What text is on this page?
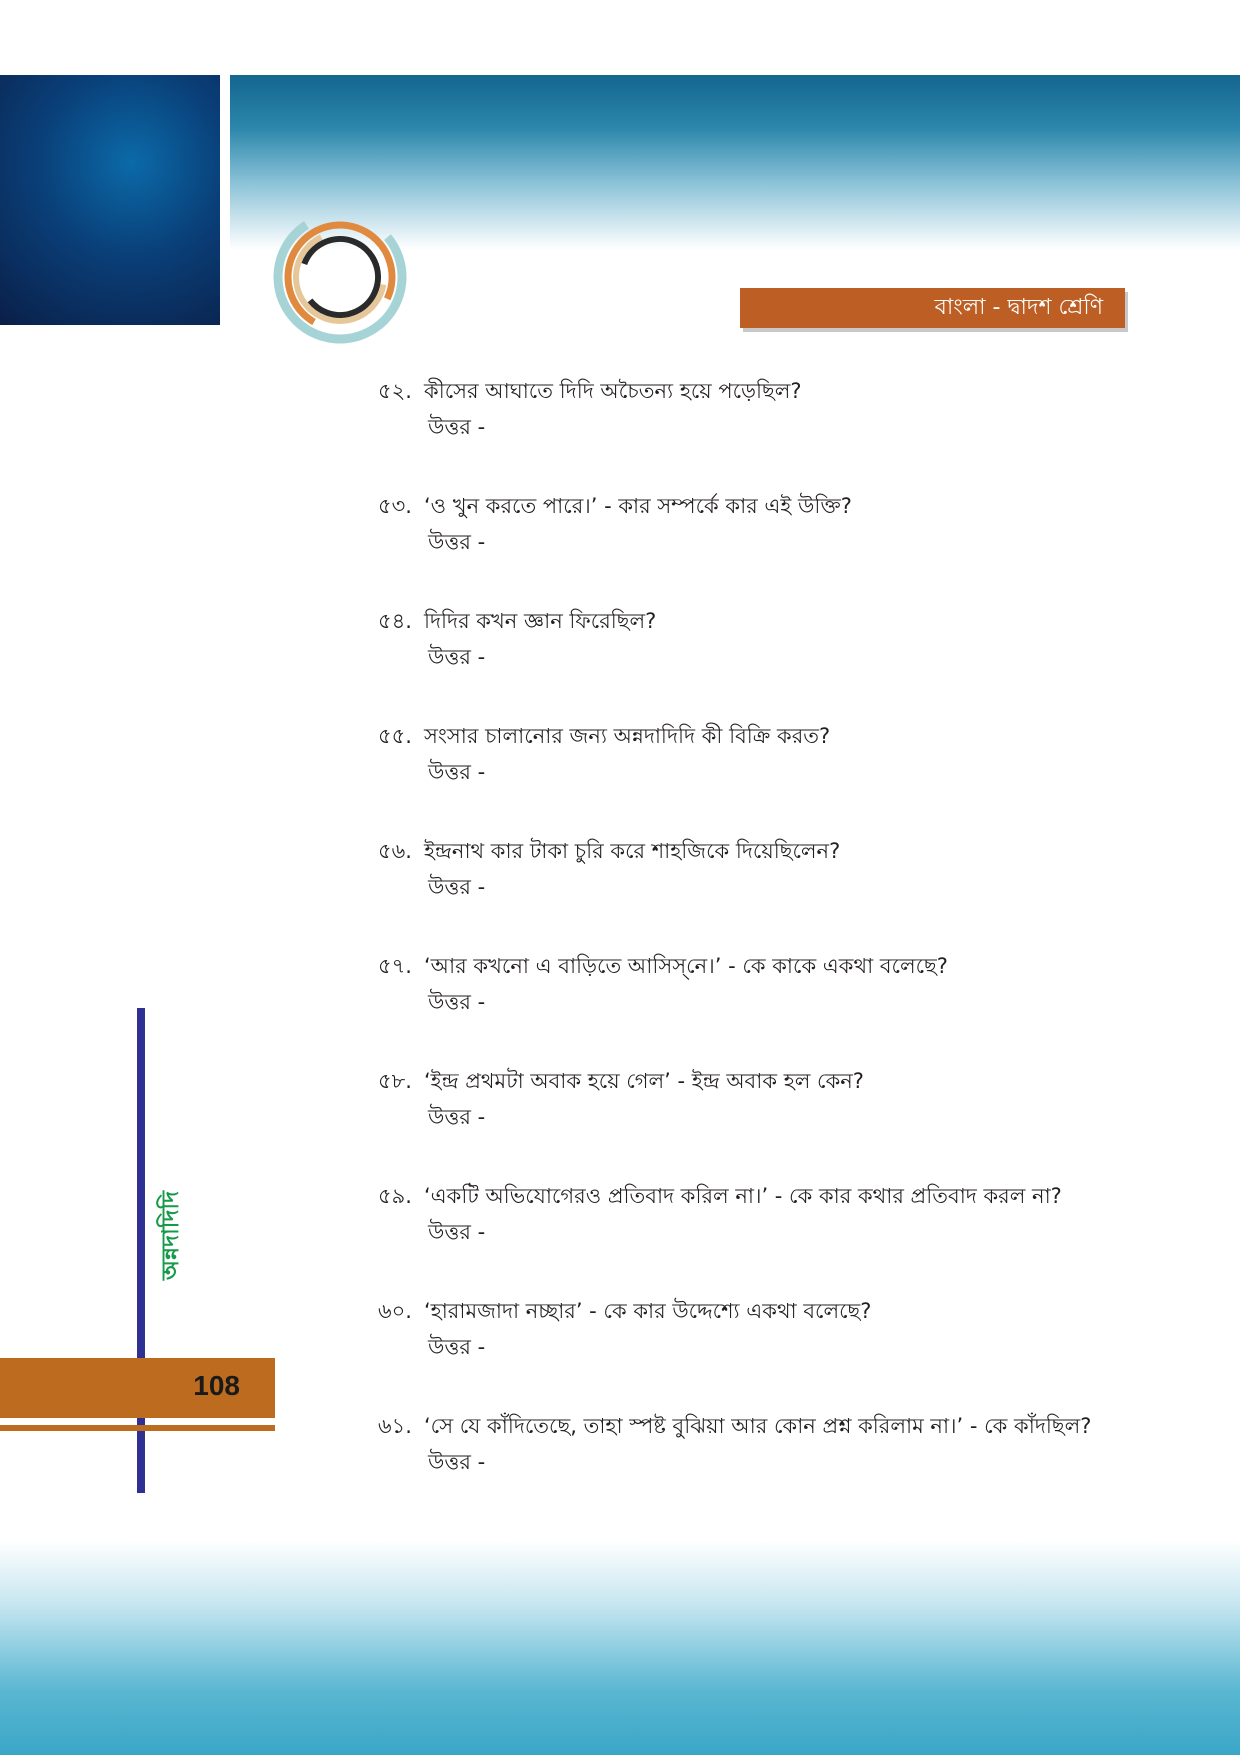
বাংলা - দ্বাদশ শ্রেণি
৫২. কীসের আঘাতে দিদি অচৈতন্য হয়ে পড়েছিল?
উত্তর -
৫৩. ‘ও খুন করতে পারে।’ - কার সম্পর্কে কার এই উক্তি?
উত্তর -
৫৪. দিদির কখন জ্ঞান ফিরেছিল?
উত্তর -
৫৫. সংসার চালানোর জন্য অন্নদাদিদি কী বিক্রি করত?
উত্তর -
৫৬. ইন্দ্রনাথ কার টাকা চুরি করে শাহজিকে দিয়েছিলেন?
উত্তর -
৫৭. ‘আর কখনো এ বাড়িতে আসিস্‌নে।’ - কে কাকে একথা বলেছে?
উত্তর -
৫৮. ‘ইন্দ্র প্রথমটা অবাক হয়ে গেল’ - ইন্দ্র অবাক হল কেন?
উত্তর -
৫৯. ‘একটি অভিযোগেরও প্রতিবাদ করিল না।’ - কে কার কথার প্রতিবাদ করল না?
উত্তর -
৬০. ‘হারামজাদা নচ্ছার’ - কে কার উদ্দেশ্যে একথা বলেছে?
উত্তর -
৬১. ‘সে যে কাঁদিতেছে, তাহা স্পষ্ট বুঝিয়া আর কোন প্রশ্ন করিলাম না।’ - কে কাঁদছিল?
উত্তর -
অন্নদাদিদি
108
